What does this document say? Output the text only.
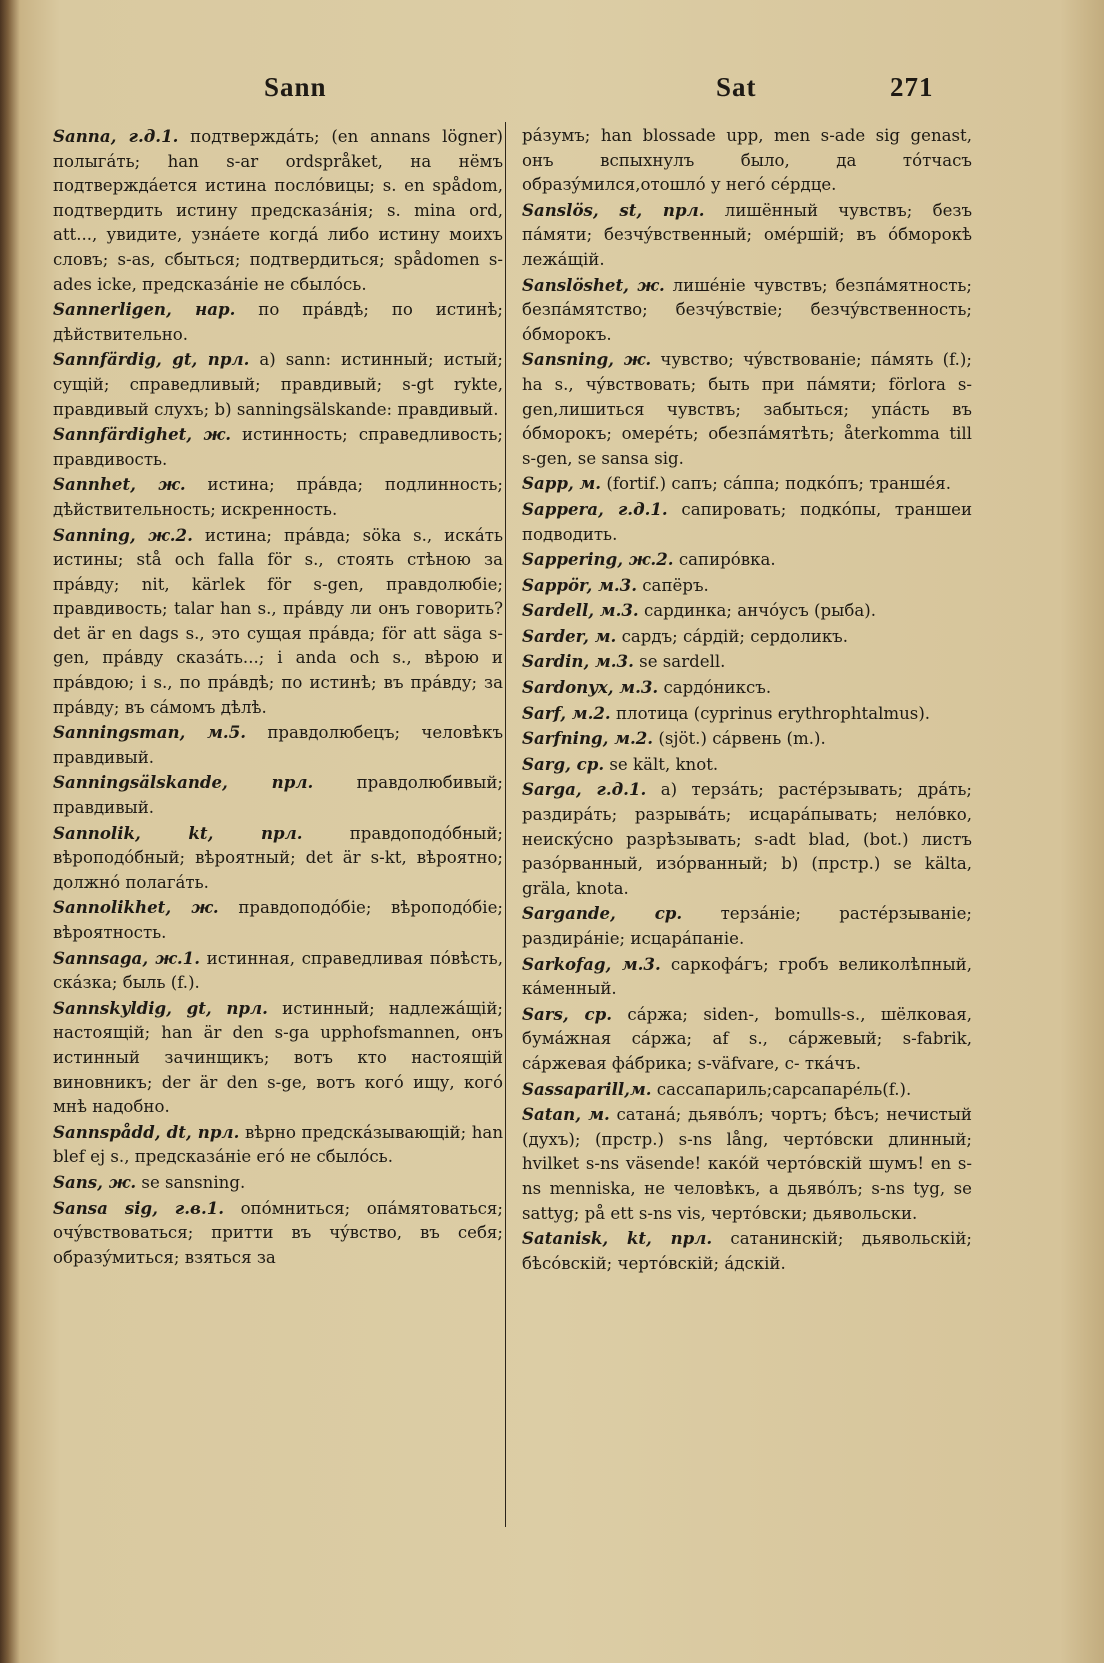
Sann	Sat	271

Sanna, г.д.1. подтверждáть; (en annans lögner) полыгáть; han s-ar ordspråket, на нёмъ подтверждáется истина послóвицы; s. en spådom, подтвердить истину предсказáнія; s. mina ord, att..., увидите, узнáете когдá либо истину моихъ словъ; s-as, сбыться; подтвердиться; spådomen s-ades icke, предсказáніе не сбылóсь.

Sannerligen, нар. по прáвдѣ; по истинѣ; дѣйствительно.

Sannfärdig, gt, прл. а) sann: истинный; истый; сущій; справедливый; правдивый; s-gt rykte, правдивый слухъ; b) sanningsälskande: правдивый.

Sannfärdighet, ж. истинность; справедливость; правдивость.

Sannhet, ж. истина; прáвда; подлинность; дѣйствительность; искренность.

Sanning, ж.2. истина; прáвда; söka s., искáть истины; stå och falla för s., стоять стѣною за прáвду; nit, kärlek för s-gen, правдолюбіе; правдивость; talar han s., прáвду ли онъ говорить? det är en dags s., это сущая прáвда; för att säga s-gen, прáвду сказáть...; i anda och s., вѣрою и прáвдою; i s., по прáвдѣ; по истинѣ; въ прáвду; за прáвду; въ сáмомъ дѣлѣ.

Sanningsman, м.5. правдолюбецъ; человѣкъ правдивый.

Sanningsälskande, прл.	правдолюбивый; правдивый.

Sannolik, kt, прл.	правдоподóбный; вѣроподóбный; вѣроятный; det är s-kt, вѣроятно; должнó полагáть.

Sannolikhet, ж. правдоподóбіе; вѣроподóбіе; вѣроятность.

Sannsaga, ж.1. истинная, справедливая пóвѣсть, скáзка; быль (f.).

Sannskyldig, gt, прл. истинный; надлежáщій; настоящій; han är den s-ga upphofsmannen, онъ истинный зачинщикъ; вотъ кто настоящій виновникъ; der är den s-ge, вотъ когó ищу, когó мнѣ надобно.

Sannspådd, dt, прл. вѣрно предскáзывающій; han blef ej s., предсказáніе егó не сбылóсь.

Sans, ж. se sansning.

Sansa sig, г.в.1. опóмниться; опáмятоваться; очýвствоваться; притти въ чýвство, въ себя; образýмиться; взяться за

рáзумъ; han blossade upp, men s-ade sig genast, онъ вспыхнулъ было, да тóтчасъ образýмился,отошлó у негó сéрдце.

Sanslös, st, прл. лишённый чувствъ; безъ пáмяти; безчýвственный; омéршій; въ óбморокѣ лежáщій.

Sanslöshet, ж. лишéніе чувствъ; безпáмятность; безпáмятство; безчýвствіе; безчýвственность; óбморокъ.

Sansning, ж. чувство; чýвствованіе; пáмять (f.); ha s., чýвствовать; быть при пáмяти; förlora s-gen,лишиться чувствъ; забыться; упáсть въ óбморокъ; омерéть; обезпáмятѣть; återkomma till s-gen, se sansa sig.

Sapp, м. (fortif.) сапъ; сáппа; подкóпъ; траншéя.

Sappera, г.д.1. сапировать; подкóпы, траншеи подводить.

Sappering, ж.2. сапирóвка.

Sappör, м.3. сапёръ.

Sardell, м.3. сардинка; анчóусъ (рыба).

Sarder, м. сардъ; сáрдій; сердоликъ.

Sardin, м.3. se sardell.

Sardonyx, м.3. сардóниксъ.

Sarf, м.2. плотица (cyprinus erythrophtalmus).

Sarfning, м.2. (sjöt.) сáрвень (m.).

Sarg, ср. se kält, knot.

Sarga, г.д.1. а) терзáть; растéрзывать; дрáть; раздирáть; разрывáть; исцарáпывать; нелóвко, неискýсно разрѣзывать; s-adt blad, (bot.) листъ разóрванный, изóрванный; b) (прстр.) se kälta, gräla, knota.

Sargande, ср. терзáніе; растéрзываніе; раздирáніе; исцарáпаніе.

Sarkofag, м.3. саркофáгъ; гробъ великолѣпный, кáменный.

Sars, ср. сáржа; siden-, bomulls-s., шёлковая, бумáжная сáржа; af s., сáржевый; s-fabrik, сáржевая фáбрика; s-väfvare, с- ткáчъ.

Sassaparill,м. сассапариль;сарсапарéль(f.).

Satan, м. сатанá; дьявóлъ; чортъ; бѣсъ; нечистый (духъ); (прстр.) s-ns lång, чертóвски длинный; hvilket s-ns väsende! какóй чертóвскій шумъ! en s-ns menniska, не человѣкъ, а дьявóлъ; s-ns tyg, se sattyg; på ett s-ns vis, чертóвски; дьявольски.

Satanisk, kt, прл. сатанинскій; дьявольскій; бѣсóвскій; чертóвскій; áдскій.
